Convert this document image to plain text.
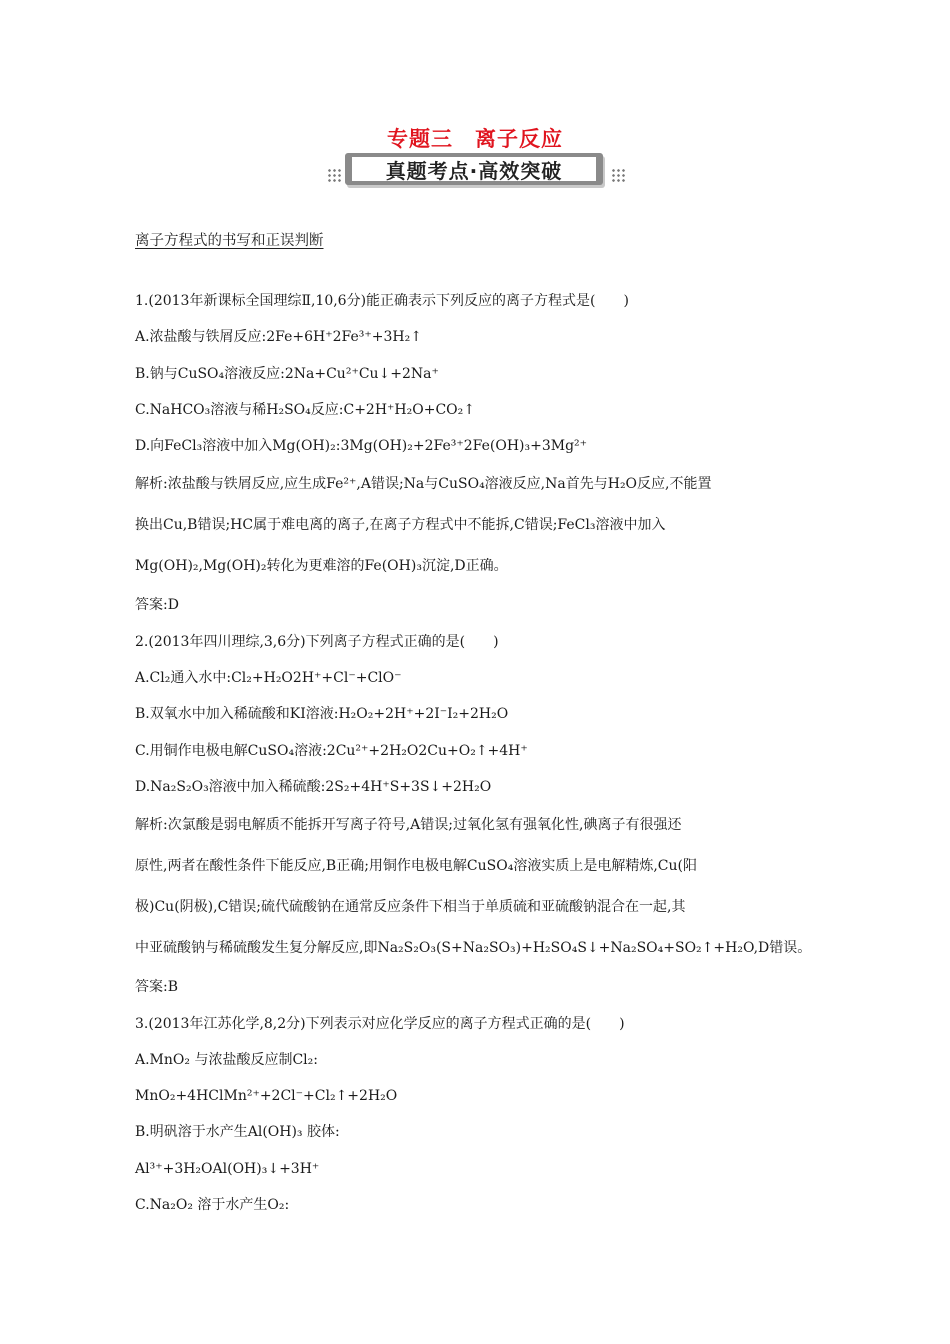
专题三　离子反应
真题考点·高效突破
离子方程式的书写和正误判断
1.(2013年新课标全国理综Ⅱ,10,6分)能正确表示下列反应的离子方程式是(　　)
A.浓盐酸与铁屑反应:2Fe+6H⁺2Fe³⁺+3H₂↑
B.钠与CuSO₄溶液反应:2Na+Cu²⁺Cu↓+2Na⁺
C.NaHCO₃溶液与稀H₂SO₄反应:C+2H⁺H₂O+CO₂↑
D.向FeCl₃溶液中加入Mg(OH)₂:3Mg(OH)₂+2Fe³⁺2Fe(OH)₃+3Mg²⁺
解析:浓盐酸与铁屑反应,应生成Fe²⁺,A错误;Na与CuSO₄溶液反应,Na首先与H₂O反应,不能置
换出Cu,B错误;HC属于难电离的离子,在离子方程式中不能拆,C错误;FeCl₃溶液中加入
Mg(OH)₂,Mg(OH)₂转化为更难溶的Fe(OH)₃沉淀,D正确。
答案:D
2.(2013年四川理综,3,6分)下列离子方程式正确的是(　　)
A.Cl₂通入水中:Cl₂+H₂O2H⁺+Cl⁻+ClO⁻
B.双氧水中加入稀硫酸和KI溶液:H₂O₂+2H⁺+2I⁻I₂+2H₂O
C.用铜作电极电解CuSO₄溶液:2Cu²⁺+2H₂O2Cu+O₂↑+4H⁺
D.Na₂S₂O₃溶液中加入稀硫酸:2S₂+4H⁺S+3S↓+2H₂O
解析:次氯酸是弱电解质不能拆开写离子符号,A错误;过氧化氢有强氧化性,碘离子有很强还
原性,两者在酸性条件下能反应,B正确;用铜作电极电解CuSO₄溶液实质上是电解精炼,Cu(阳
极)Cu(阴极),C错误;硫代硫酸钠在通常反应条件下相当于单质硫和亚硫酸钠混合在一起,其
中亚硫酸钠与稀硫酸发生复分解反应,即Na₂S₂O₃(S+Na₂SO₃)+H₂SO₄S↓+Na₂SO₄+SO₂↑+H₂O,D错误。
答案:B
3.(2013年江苏化学,8,2分)下列表示对应化学反应的离子方程式正确的是(　　)
A.MnO₂ 与浓盐酸反应制Cl₂:
MnO₂+4HClMn²⁺+2Cl⁻+Cl₂↑+2H₂O
B.明矾溶于水产生Al(OH)₃ 胶体:
Al³⁺+3H₂OAl(OH)₃↓+3H⁺
C.Na₂O₂ 溶于水产生O₂:
